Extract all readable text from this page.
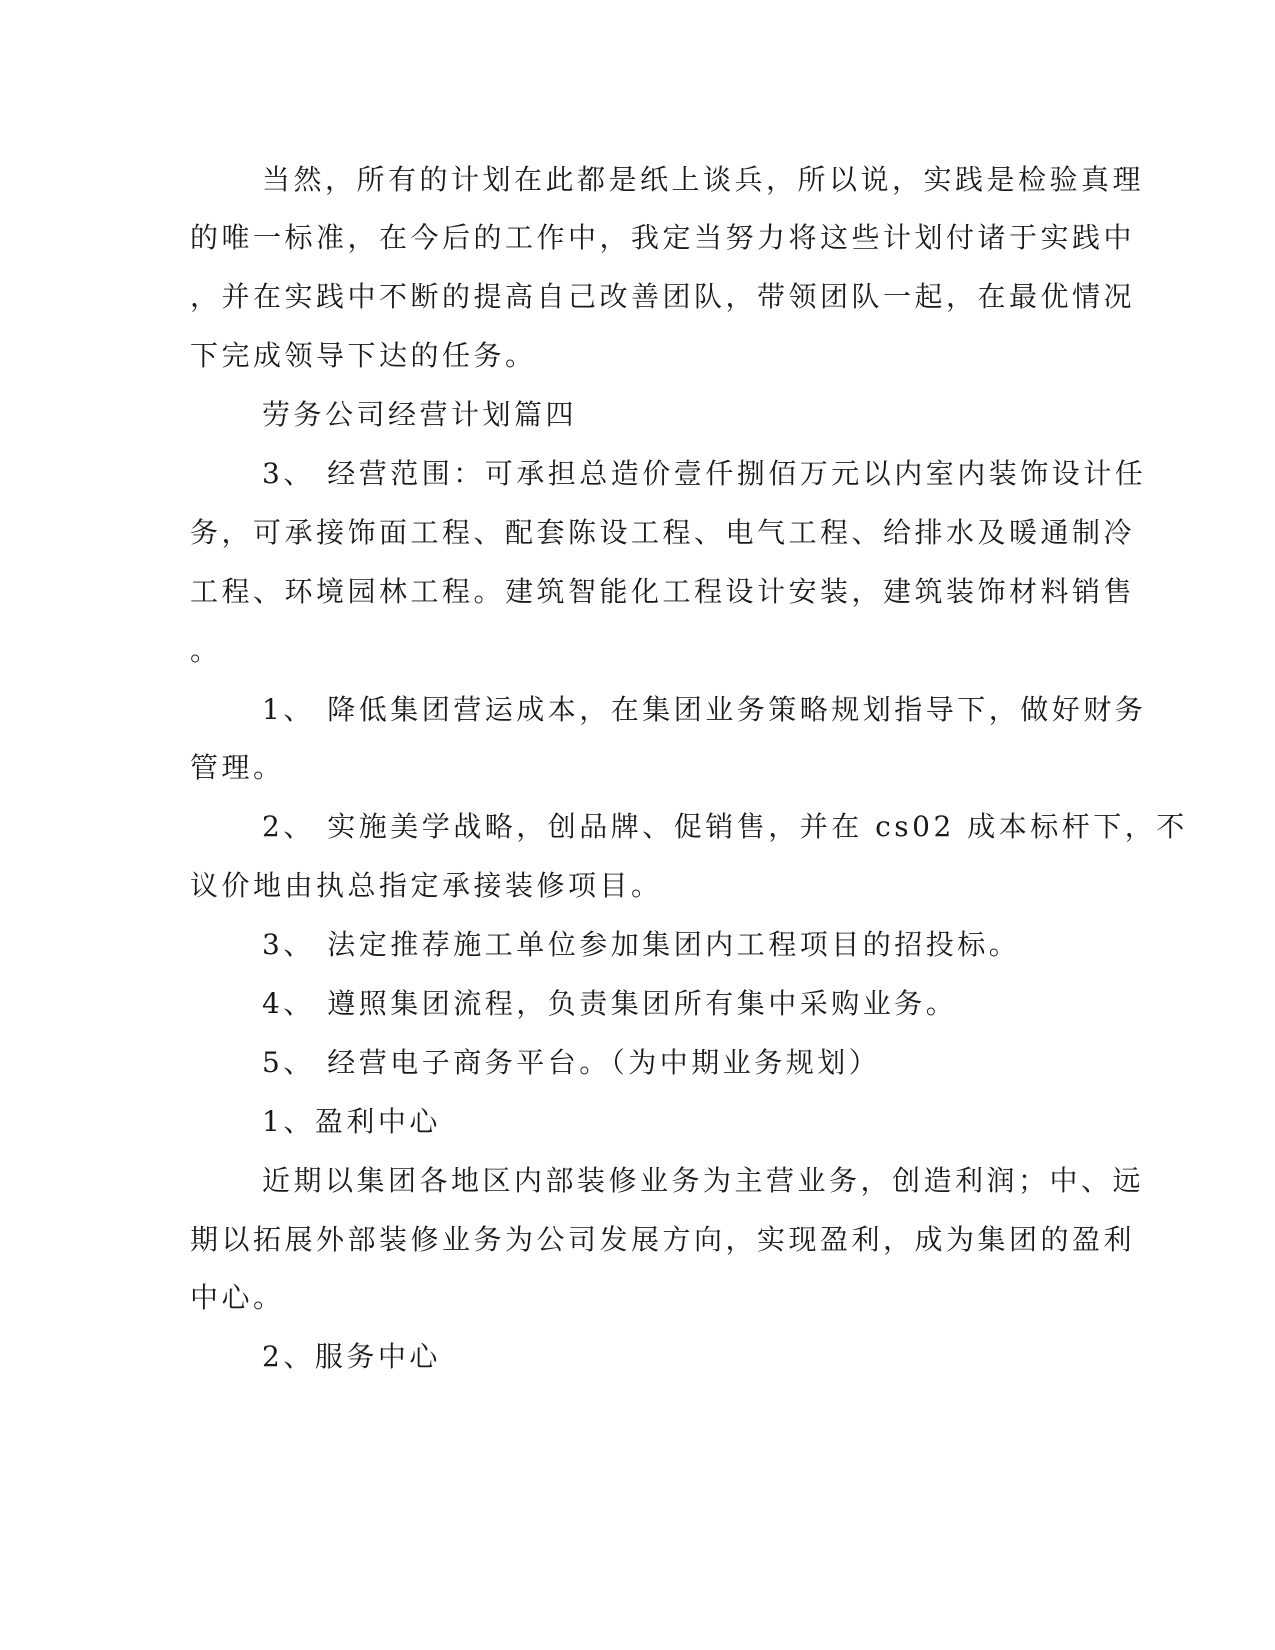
当然，所有的计划在此都是纸上谈兵，所以说，实践是检验真理
的唯一标准，在今后的工作中，我定当努力将这些计划付诸于实践中
，并在实践中不断的提高自己改善团队，带领团队一起，在最优情况
下完成领导下达的任务。
劳务公司经营计划篇四
3、 经营范围：可承担总造价壹仟捌佰万元以内室内装饰设计任
务，可承接饰面工程、配套陈设工程、电气工程、给排水及暖通制冷
工程、环境园林工程。建筑智能化工程设计安装，建筑装饰材料销售
。
1、 降低集团营运成本，在集团业务策略规划指导下，做好财务
管理。
2、 实施美学战略，创品牌、促销售，并在 cs02 成本标杆下，不
议价地由执总指定承接装修项目。
3、 法定推荐施工单位参加集团内工程项目的招投标。
4、 遵照集团流程，负责集团所有集中采购业务。
5、 经营电子商务平台。（为中期业务规划）
1、盈利中心
近期以集团各地区内部装修业务为主营业务，创造利润；中、远
期以拓展外部装修业务为公司发展方向，实现盈利，成为集团的盈利
中心。
2、服务中心
